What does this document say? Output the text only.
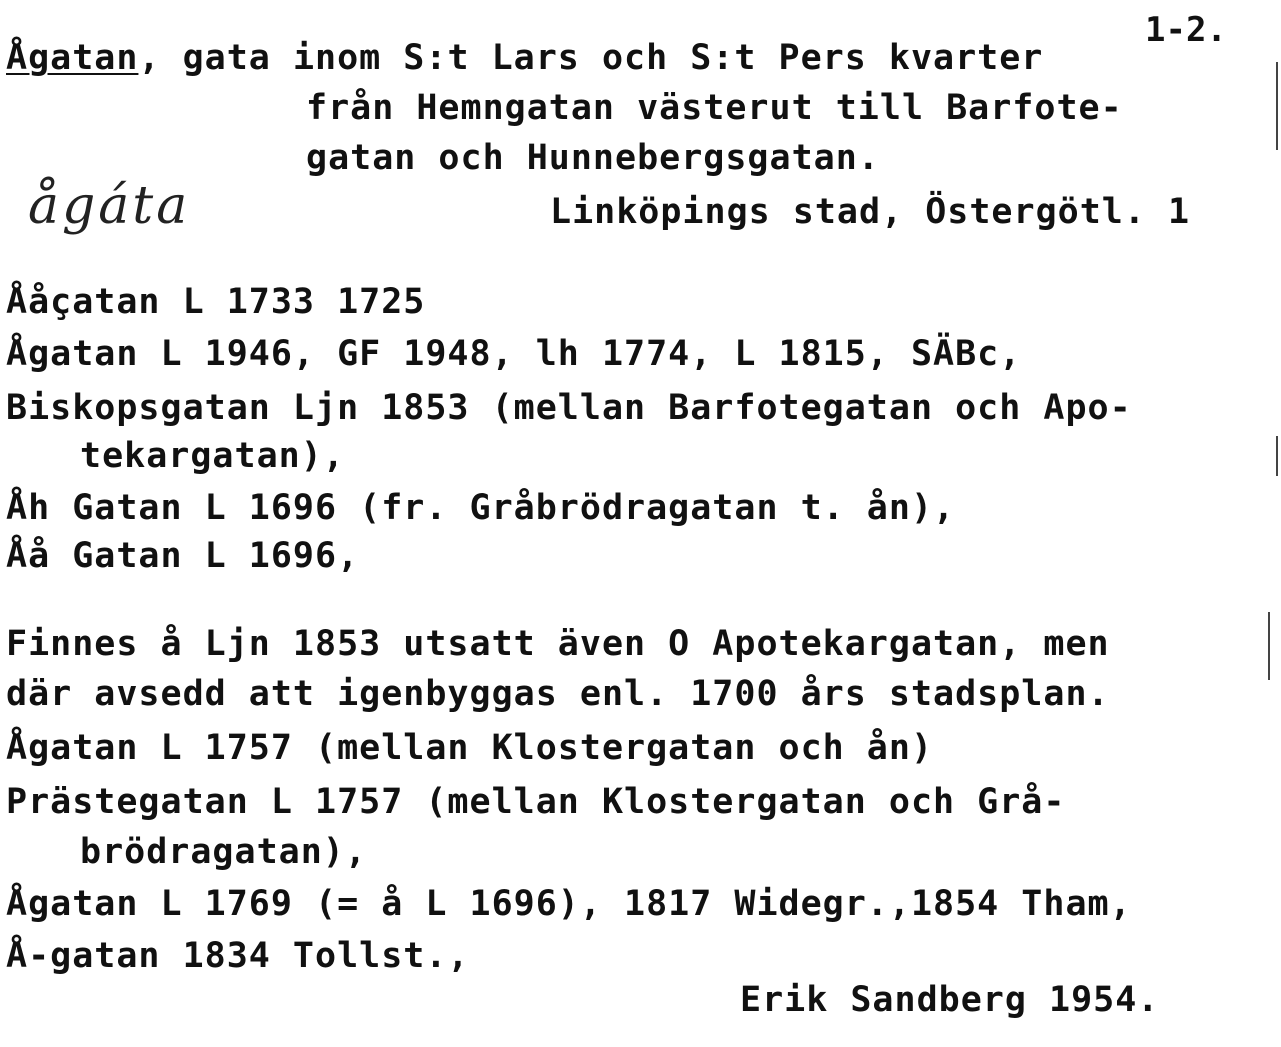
1-2.
Ågatan, gata inom S:t Lars och S:t Pers kvarter
från Hemngatan västerut till Barfote-
gatan och Hunnebergsgatan.
Linköpings stad, Östergötl. 1
ågáta
Ååçatan L 1733 1725
Ågatan L 1946, GF 1948, lh 1774, L 1815, SÄBc,
Biskopsgatan Ljn 1853 (mellan Barfotegatan och Apo-
tekargatan),
Åh Gatan L 1696 (fr. Gråbrödragatan t. ån),
Åå Gatan L 1696,
Finnes å Ljn 1853 utsatt även O Apotekargatan, men
där avsedd att igenbyggas enl. 1700 års stadsplan.
Ågatan L 1757 (mellan Klostergatan och ån)
Prästegatan L 1757 (mellan Klostergatan och Grå-
brödragatan),
Ågatan L 1769 (= å L 1696), 1817 Widegr.,1854 Tham,
Å-gatan 1834 Tollst.,
Erik Sandberg 1954.
